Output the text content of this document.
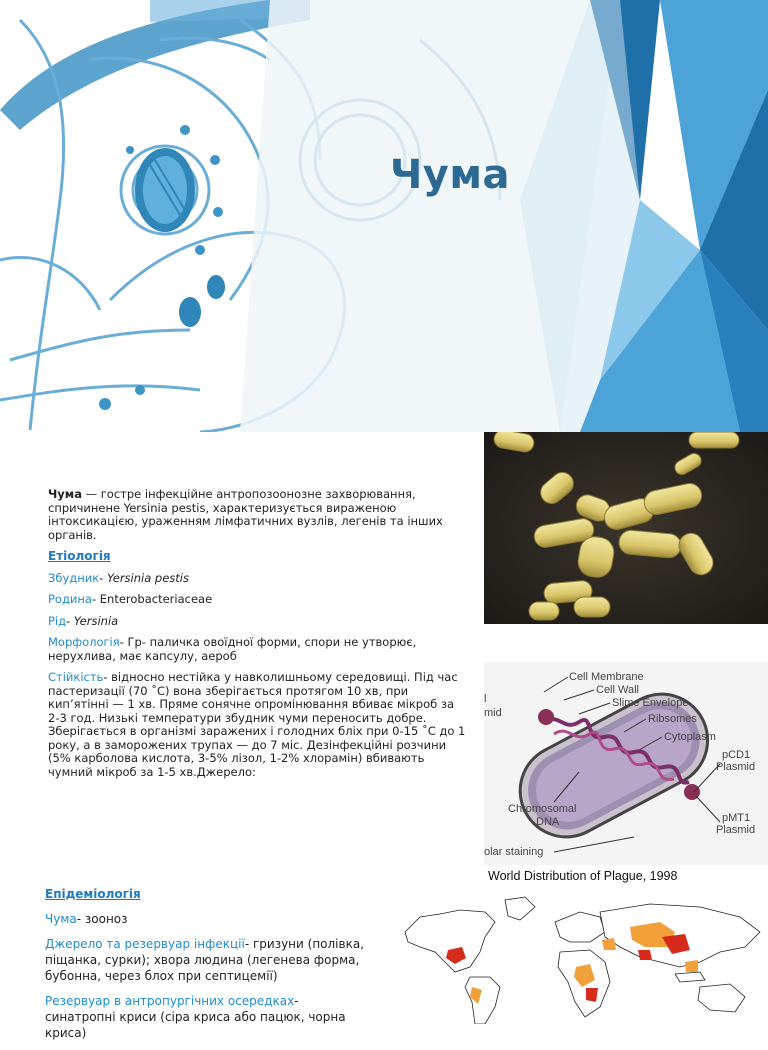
Чума

Чума — гостре інфекційне антропозоонозне захворювання, спричинене Yersinia pestis, характеризується вираженою інтоксикацією, ураженням лімфатичних вузлів, легенів та інших органів.

Етіологія

Збудник- Yersinia pestis

Родина- Enterobacteriaceae

Рід- Yersinia

Морфологія- Гр- паличка овоїдної форми, спори не утворює, нерухлива, має капсулу, аероб

Стійкість- відносно нестійка у навколишньому середовищі. Під час пастеризації (70 ˚С) вона зберігається протягом 10 хв, при кип’ятінні — 1 хв. Пряме сонячне опромінювання вбиває мікроб за 2-3 год. Низькі температури збудник чуми переносить добре. Зберігається в організмі заражених і голодних бліх при 0-15 ˚С до 1 року, а в заморожених трупах — до 7 міс. Дезінфекційні розчини (5% карболова кислота, 3-5% лізол, 1-2% хлорамін) вбивають чумний мікроб за 1-5 хв.Джерело:

Епідеміологія

Чума- зооноз

Джерело та резервуар інфекції- гризуни (полівка, піщанка, сурки); хвора людина (легенева форма, бубонна, через блох при септицемії)

Резервуар в антропургічних осередках- синатропні криси (сіра криса або пацюк, чорна криса)

Cell Membrane
Cell Wall
Slime Envelope
Ribsomes
Cytoplasm
pCD1
Plasmid
pMT1
Plasmid
Chromosomal
DNA
olar staining
l
mid
World Distribution of Plague, 1998
